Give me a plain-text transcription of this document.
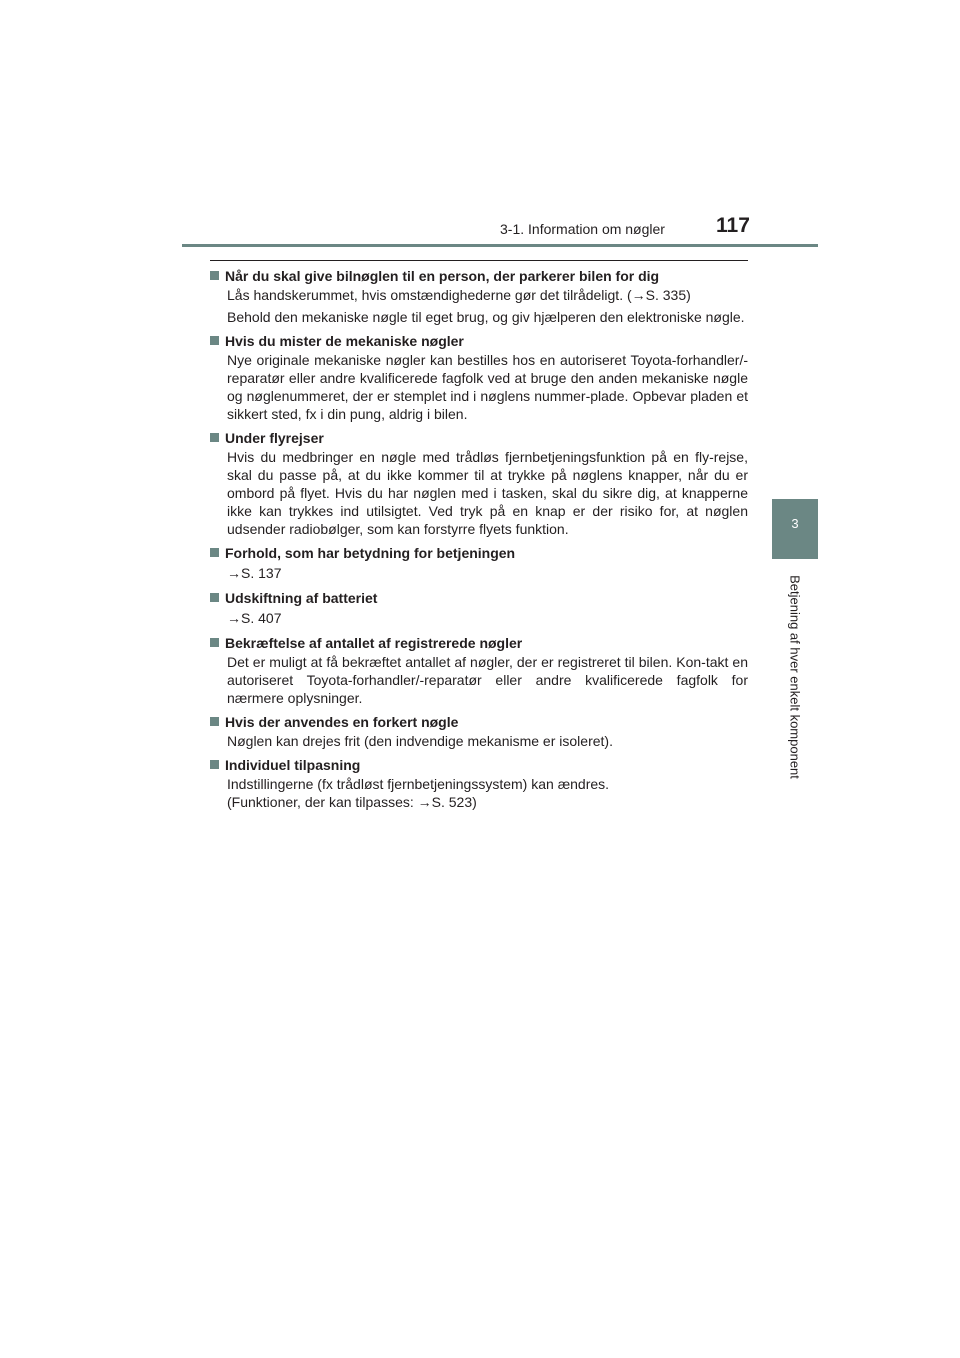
3-1. Information om nøgler 117
3
Betjening af hver enkelt komponent
Når du skal give bilnøglen til en person, der parkerer bilen for dig
Lås handskerummet, hvis omstændighederne gør det tilrådeligt. (→S. 335)
Behold den mekaniske nøgle til eget brug, og giv hjælperen den elektroniske nøgle.
Hvis du mister de mekaniske nøgler
Nye originale mekaniske nøgler kan bestilles hos en autoriseret Toyota-forhandler/-reparatør eller andre kvalificerede fagfolk ved at bruge den anden mekaniske nøgle og nøglenummeret, der er stemplet ind i nøglens nummer-plade. Opbevar pladen et sikkert sted, fx i din pung, aldrig i bilen.
Under flyrejser
Hvis du medbringer en nøgle med trådløs fjernbetjeningsfunktion på en fly-rejse, skal du passe på, at du ikke kommer til at trykke på nøglens knapper, når du er ombord på flyet. Hvis du har nøglen med i tasken, skal du sikre dig, at knapperne ikke kan trykkes ind utilsigtet. Ved tryk på en knap er der risiko for, at nøglen udsender radiobølger, som kan forstyrre flyets funktion.
Forhold, som har betydning for betjeningen
→S. 137
Udskiftning af batteriet
→S. 407
Bekræftelse af antallet af registrerede nøgler
Det er muligt at få bekræftet antallet af nøgler, der er registreret til bilen. Kon-takt en autoriseret Toyota-forhandler/-reparatør eller andre kvalificerede fagfolk for nærmere oplysninger.
Hvis der anvendes en forkert nøgle
Nøglen kan drejes frit (den indvendige mekanisme er isoleret).
Individuel tilpasning
Indstillingerne (fx trådløst fjernbetjeningssystem) kan ændres.
(Funktioner, der kan tilpasses: →S. 523)
